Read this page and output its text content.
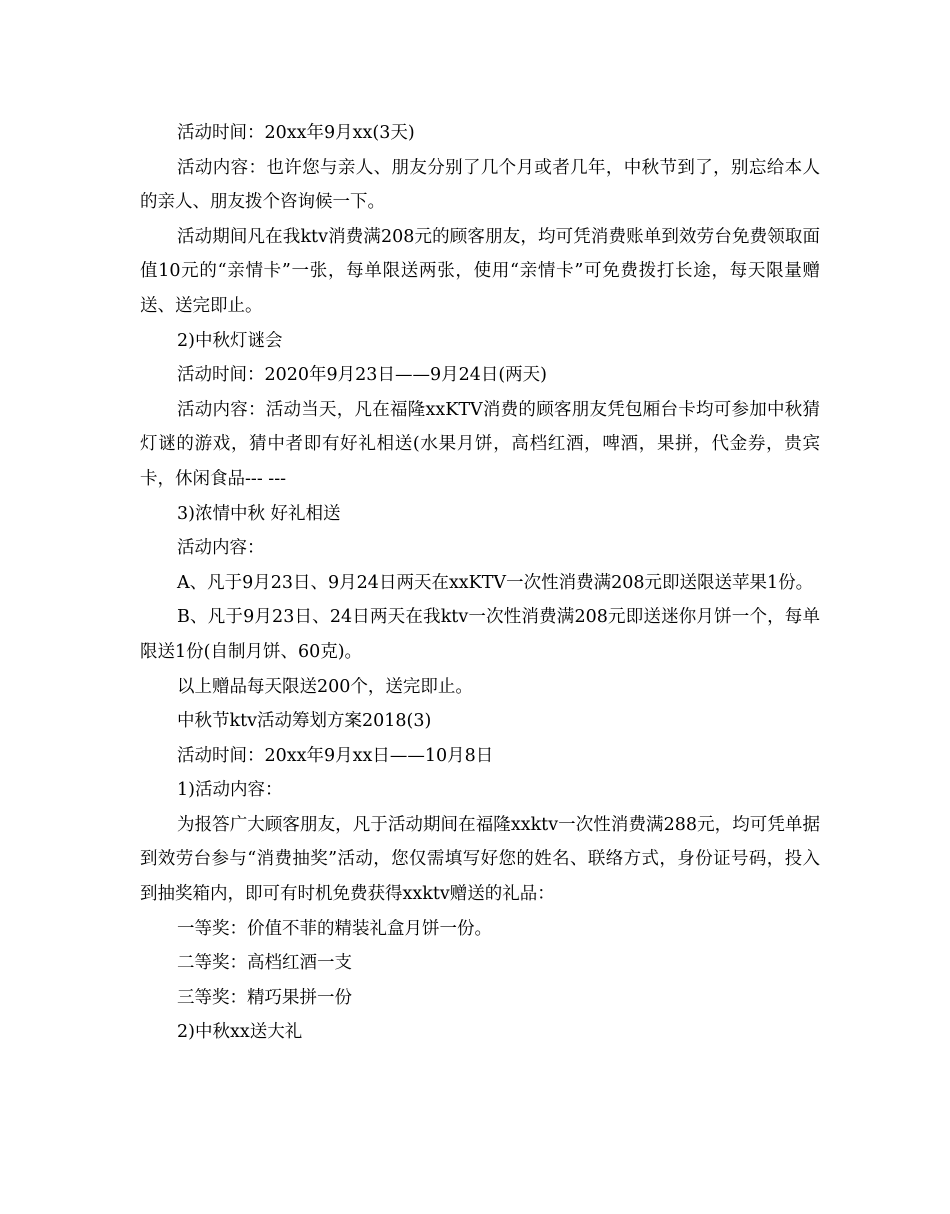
活动时间：20xx年9月xx(3天)

活动内容：也许您与亲人、朋友分别了几个月或者几年，中秋节到了，别忘给本人的亲人、朋友拨个咨询候一下。

活动期间凡在我ktv消费满208元的顾客朋友，均可凭消费账单到效劳台免费领取面值10元的“亲情卡”一张，每单限送两张，使用“亲情卡”可免费拨打长途，每天限量赠送、送完即止。

2)中秋灯谜会

活动时间：2020年9月23日——9月24日(两天)

活动内容：活动当天，凡在福隆xxKTV消费的顾客朋友凭包厢台卡均可参加中秋猜灯谜的游戏，猜中者即有好礼相送(水果月饼，高档红酒，啤酒，果拼，代金券，贵宾卡，休闲食品--- ---

3)浓情中秋 好礼相送

活动内容：

A、凡于9月23日、9月24日两天在xxKTV一次性消费满208元即送限送苹果1份。

B、凡于9月23日、24日两天在我ktv一次性消费满208元即送迷你月饼一个，每单限送1份(自制月饼、60克)。

以上赠品每天限送200个，送完即止。

中秋节ktv活动筹划方案2018(3)

活动时间：20xx年9月xx日——10月8日

1)活动内容：

为报答广大顾客朋友，凡于活动期间在福隆xxktv一次性消费满288元，均可凭单据到效劳台参与“消费抽奖”活动，您仅需填写好您的姓名、联络方式，身份证号码，投入到抽奖箱内，即可有时机免费获得xxktv赠送的礼品：

一等奖：价值不菲的精装礼盒月饼一份。

二等奖：高档红酒一支

三等奖：精巧果拼一份

2)中秋xx送大礼
